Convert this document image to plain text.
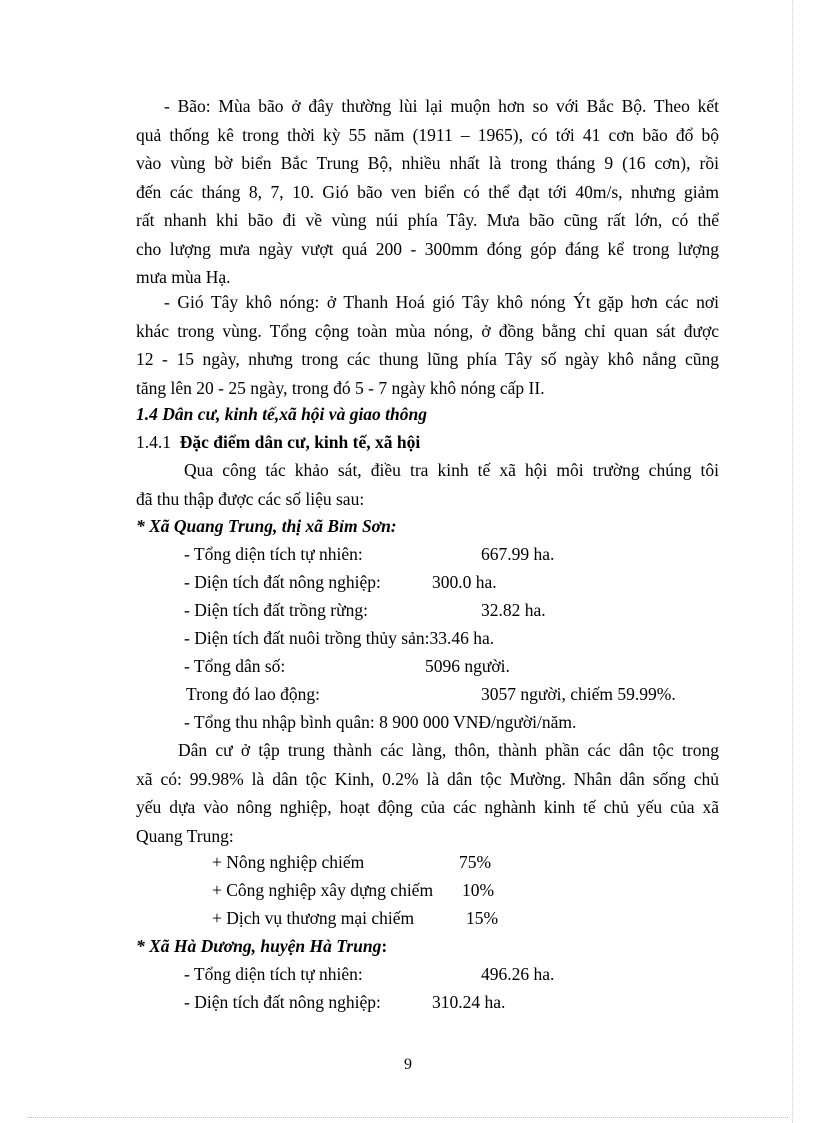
- Bão: Mùa bão ở đây thường lùi lại muộn hơn so với Bắc Bộ. Theo kết
quả thống kê trong thời kỳ 55 năm (1911 – 1965), có tới 41 cơn bão đổ bộ
vào vùng bờ biển Bắc Trung Bộ, nhiều nhất là trong tháng 9 (16 cơn), rồi
đến các tháng 8, 7, 10. Gió bão ven biển có thể đạt tới 40m/s, nhưng giảm
rất nhanh khi bão đi về vùng núi phía Tây. Mưa bão cũng rất lớn, có thể
cho lượng mưa ngày vượt quá 200 - 300mm đóng góp đáng kể trong lượng
mưa mùa Hạ.

- Gió Tây khô nóng: ở Thanh Hoá gió Tây khô nóng Ýt gặp hơn các nơi
khác trong vùng. Tổng cộng toàn mùa nóng, ở đồng bằng chỉ quan sát được
12 - 15 ngày, nhưng trong các thung lũng phía Tây số ngày khô nắng cũng
tăng lên 20 - 25 ngày, trong đó 5 - 7 ngày khô nóng cấp II.

1.4 Dân cư, kinh tế,xã hội và giao thông
1.4.1 Đặc điểm dân cư, kinh tế, xã hội

Qua công tác khảo sát, điều tra kinh tế xã hội môi trường chúng tôi
đã thu thập được các số liệu sau:

* Xã Quang Trung, thị xã Bỉm Sơn:
- Tổng diện tích tự nhiên:	667.99 ha.
- Diện tích đất nông nghiệp:	300.0 ha.
- Diện tích đất trồng rừng:	32.82 ha.
- Diện tích đất nuôi trồng thủy sản:33.46 ha.
- Tổng dân số:	5096 người.
Trong đó lao động:	3057 người, chiếm 59.99%.
- Tổng thu nhập bình quân: 8 900 000 VNĐ/người/năm.

Dân cư ở tập trung thành các làng, thôn, thành phần các dân tộc trong
xã có: 99.98% là dân tộc Kinh, 0.2% là dân tộc Mường. Nhân dân sống chủ
yếu dựa vào nông nghiệp, hoạt động của các nghành kinh tế chủ yếu của xã
Quang Trung:

+ Nông nghiệp chiếm	75%
+ Công nghiệp xây dựng chiếm 10%
+ Dịch vụ thương mại chiếm	15%
* Xã Hà Dương, huyện Hà Trung:
- Tổng diện tích tự nhiên:	496.26 ha.
- Diện tích đất nông nghiệp:	310.24 ha.
9
